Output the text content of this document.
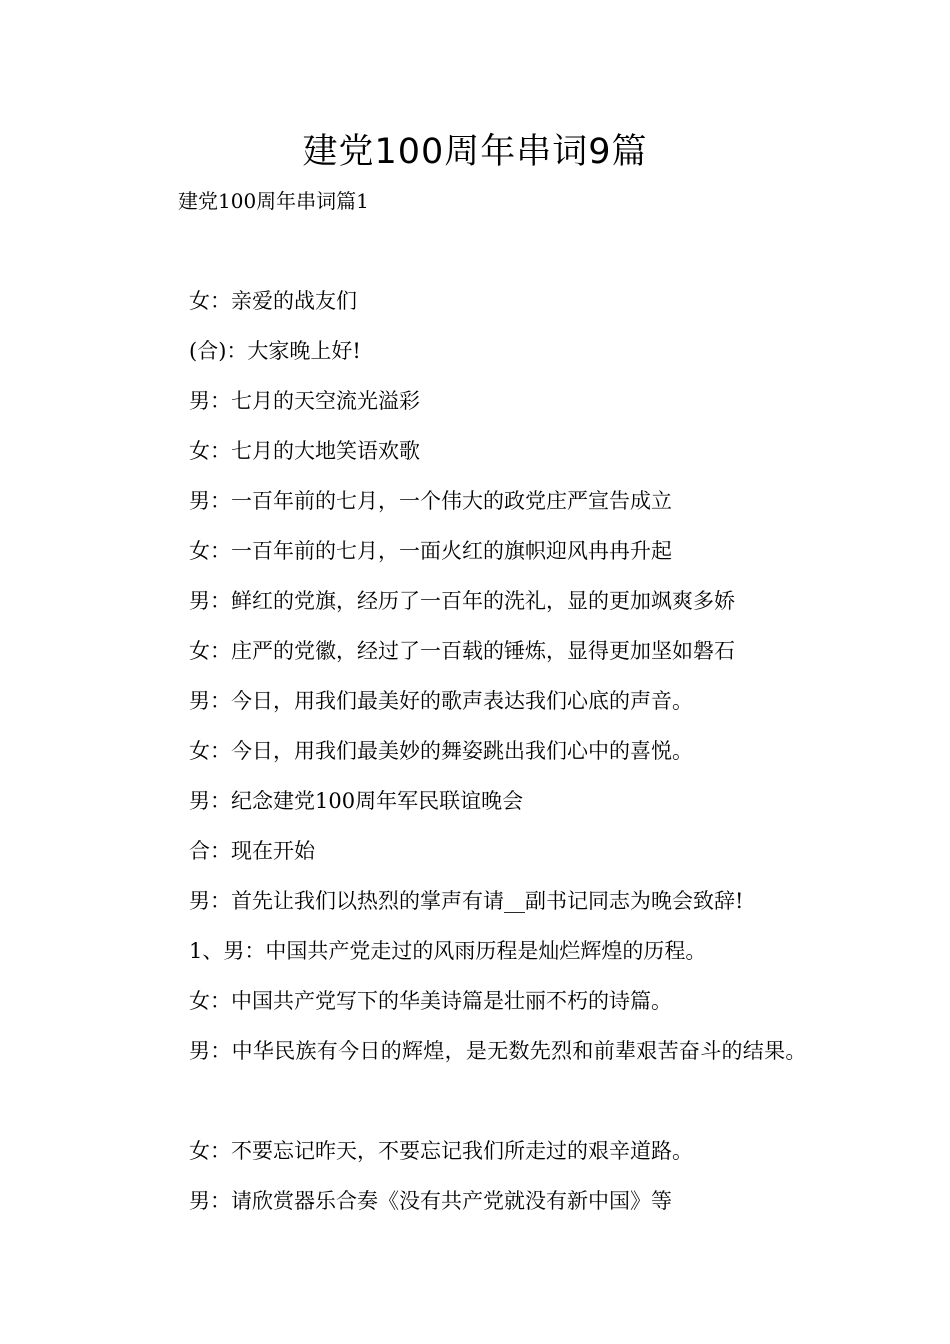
建党100周年串词9篇

建党100周年串词篇1

女：亲爱的战友们

(合)：大家晚上好!

男：七月的天空流光溢彩

女：七月的大地笑语欢歌

男：一百年前的七月，一个伟大的政党庄严宣告成立

女：一百年前的七月，一面火红的旗帜迎风冉冉升起

男：鲜红的党旗，经历了一百年的洗礼，显的更加飒爽多娇

女：庄严的党徽，经过了一百载的锤炼，显得更加坚如磐石

男：今日，用我们最美好的歌声表达我们心底的声音。

女：今日，用我们最美妙的舞姿跳出我们心中的喜悦。

男：纪念建党100周年军民联谊晚会

合：现在开始

男：首先让我们以热烈的掌声有请__副书记同志为晚会致辞!

1、男：中国共产党走过的风雨历程是灿烂辉煌的历程。

女：中国共产党写下的华美诗篇是壮丽不朽的诗篇。

男：中华民族有今日的辉煌，是无数先烈和前辈艰苦奋斗的结果。

女：不要忘记昨天，不要忘记我们所走过的艰辛道路。

男：请欣赏器乐合奏《没有共产党就没有新中国》等
